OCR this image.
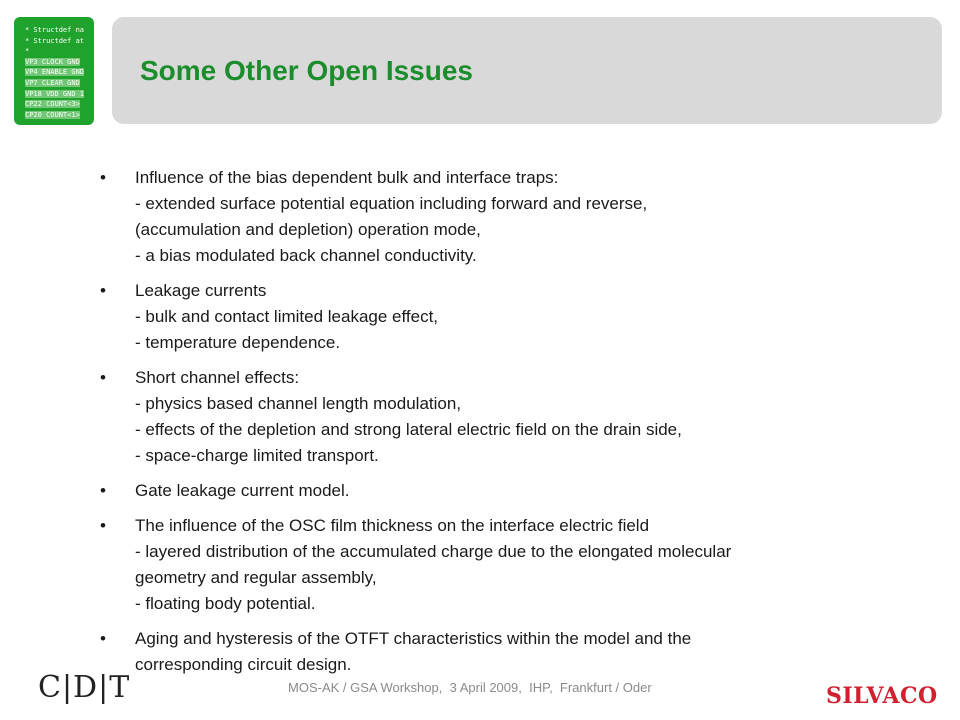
* Structdef na
* Structdef at
*
VP3 CLOCK GND
VP4 ENABLE GND
VP7 CLEAR GND
VP18 VDD GND 1
CP22 COUNT<3>
CP20 COUNT<1>
Some Other Open Issues
• Influence of the bias dependent bulk and interface traps:
- extended surface potential equation including forward and reverse,
(accumulation and depletion) operation mode,
- a bias modulated back channel conductivity.
• Leakage currents
- bulk and contact limited leakage effect,
- temperature dependence.
• Short channel effects:
- physics based channel length modulation,
- effects of the depletion and strong lateral electric field on the drain side,
- space-charge limited transport.
• Gate leakage current model.
• The influence of the OSC film thickness on the interface electric field
- layered distribution of the accumulated charge due to the elongated molecular
geometry and regular assembly,
- floating body potential.
• Aging and hysteresis of the OTFT characteristics within the model and the
corresponding circuit design.
C|D|T	MOS-AK / GSA Workshop,  3 April 2009,  IHP,  Frankfurt / Oder	SILVACO
